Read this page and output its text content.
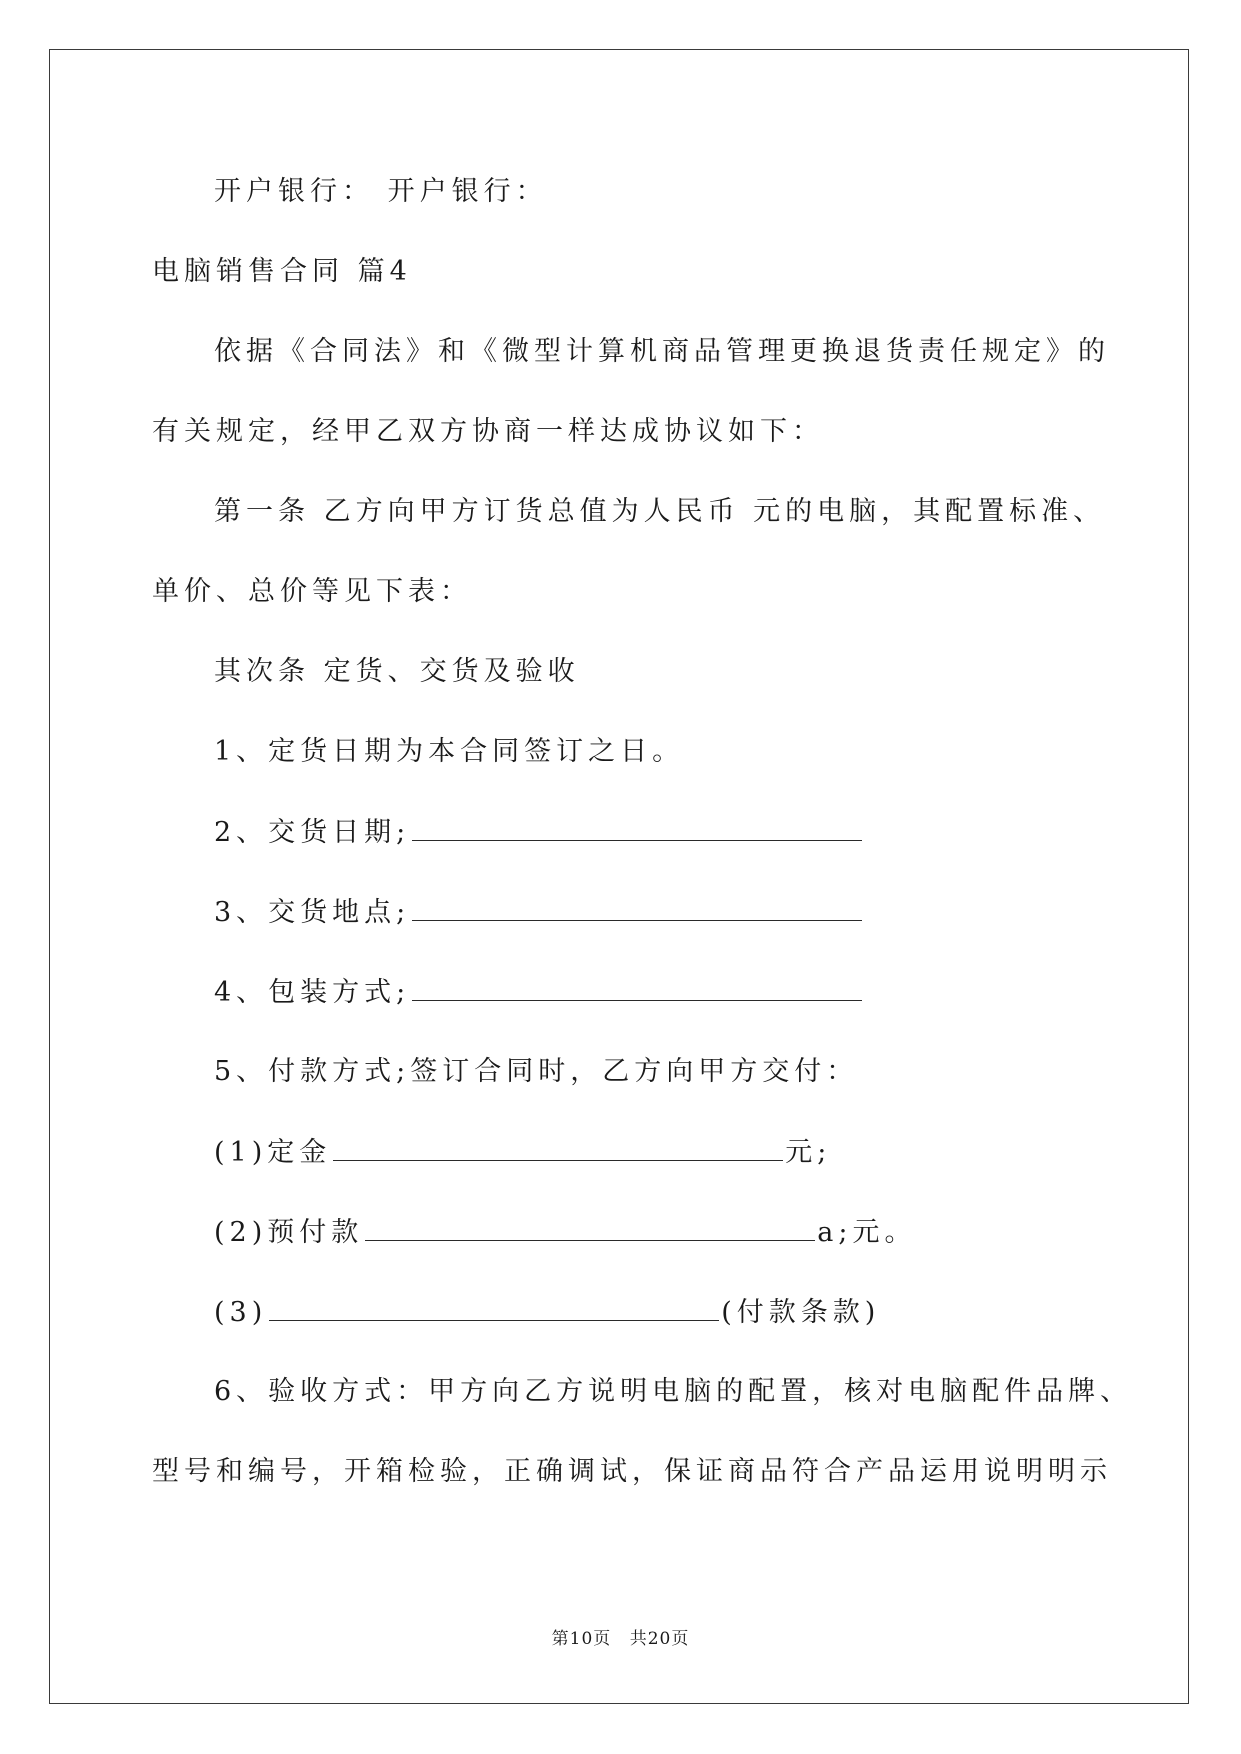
开户银行： 开户银行：
电脑销售合同 篇4
依据《合同法》和《微型计算机商品管理更换退货责任规定》的
有关规定，经甲乙双方协商一样达成协议如下：
第一条 乙方向甲方订货总值为人民币 元的电脑，其配置标准、
单价、总价等见下表：
其次条 定货、交货及验收
1、定货日期为本合同签订之日。
2、交货日期;
3、交货地点;
4、包装方式;
5、付款方式;签订合同时，乙方向甲方交付：
(1)定金	元;
(2)预付款	a;元。
(3)	(付款条款)
6、验收方式：甲方向乙方说明电脑的配置，核对电脑配件品牌、
型号和编号，开箱检验，正确调试，保证商品符合产品运用说明明示
第10页 共20页
